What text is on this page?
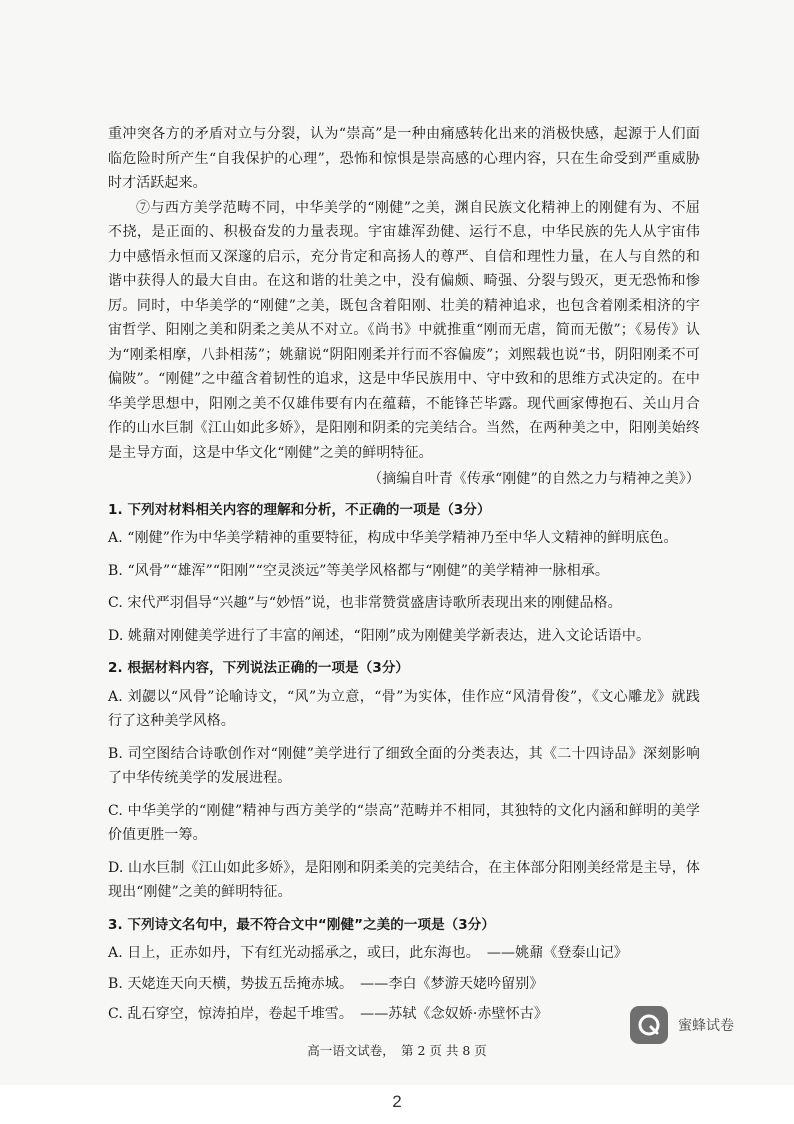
重冲突各方的矛盾对立与分裂，认为“崇高”是一种由痛感转化出来的消极快感，起源于人们面临危险时所产生“自我保护的心理”，恐怖和惊惧是崇高感的心理内容，只在生命受到严重威胁时才活跃起来。

⑦与西方美学范畴不同，中华美学的“刚健”之美，渊自民族文化精神上的刚健有为、不屈不挠，是正面的、积极奋发的力量表现。宇宙雄浑劲健、运行不息，中华民族的先人从宇宙伟力中感悟永恒而又深邃的启示，充分肯定和高扬人的尊严、自信和理性力量，在人与自然的和谐中获得人的最大自由。在这和谐的壮美之中，没有偏颇、畸强、分裂与毁灭，更无恐怖和惨厉。同时，中华美学的“刚健”之美，既包含着阳刚、壮美的精神追求，也包含着刚柔相济的宇宙哲学、阳刚之美和阴柔之美从不对立。《尚书》中就推重“刚而无虐，简而无傲”；《易传》认为“刚柔相摩，八卦相荡”；姚鼐说“阴阳刚柔并行而不容偏废”；刘熙载也说“书，阴阳刚柔不可偏陂”。“刚健”之中蕴含着韧性的追求，这是中华民族用中、守中致和的思维方式决定的。在中华美学思想中，阳刚之美不仅雄伟要有内在蕴藉，不能锋芒毕露。现代画家傅抱石、关山月合作的山水巨制《江山如此多娇》，是阳刚和阴柔的完美结合。当然，在两种美之中，阳刚美始终是主导方面，这是中华文化“刚健”之美的鲜明特征。

（摘编自叶青《传承“刚健”的自然之力与精神之美》）

1. 下列对材料相关内容的理解和分析，不正确的一项是（3分）

A. “刚健”作为中华美学精神的重要特征，构成中华美学精神乃至中华人文精神的鲜明底色。

B. “风骨”“雄浑”“阳刚”“空灵淡远”等美学风格都与“刚健”的美学精神一脉相承。

C. 宋代严羽倡导“兴趣”与“妙悟”说，也非常赞赏盛唐诗歌所表现出来的刚健品格。

D. 姚鼐对刚健美学进行了丰富的阐述，“阳刚”成为刚健美学新表达，进入文论话语中。

2. 根据材料内容，下列说法正确的一项是（3分）

A. 刘勰以“风骨”论喻诗文，“风”为立意，“骨”为实体，佳作应“风清骨俊”，《文心雕龙》就践行了这种美学风格。

B. 司空图结合诗歌创作对“刚健”美学进行了细致全面的分类表达，其《二十四诗品》深刻影响了中华传统美学的发展进程。

C. 中华美学的“刚健”精神与西方美学的“崇高”范畴并不相同，其独特的文化内涵和鲜明的美学价值更胜一筹。

D. 山水巨制《江山如此多娇》，是阳刚和阴柔美的完美结合，在主体部分阳刚美经常是主导，体现出“刚健”之美的鲜明特征。

3. 下列诗文名句中，最不符合文中“刚健”之美的一项是（3分）

A. 日上，正赤如丹，下有红光动摇承之，或曰，此东海也。　——姚鼐《登泰山记》

B. 天姥连天向天横，势拔五岳掩赤城。　——李白《梦游天姥吟留别》

C. 乱石穿空，惊涛拍岸，卷起千堆雪。　——苏轼《念奴娇·赤壁怀古》

高一语文试卷，　第 2 页 共 8 页
蜜蜂试卷
2
